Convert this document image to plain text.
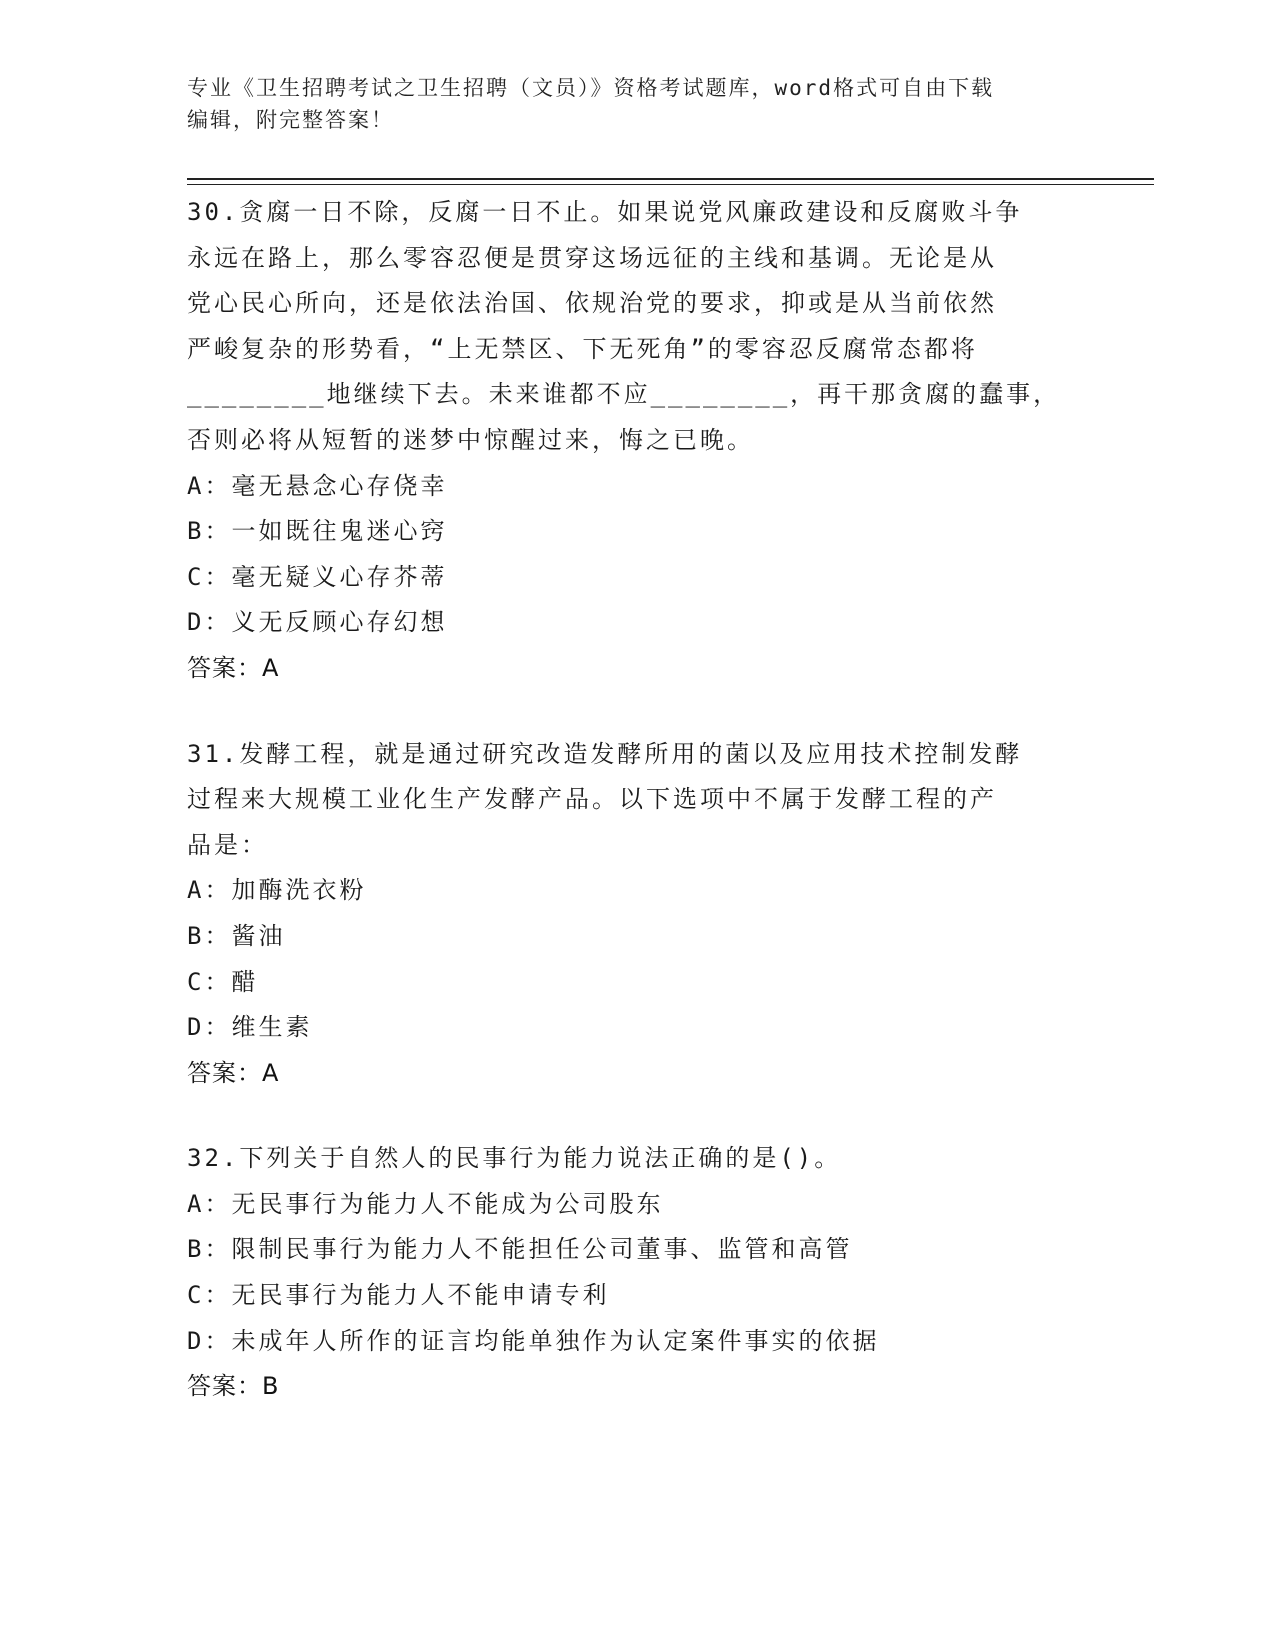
专业《卫生招聘考试之卫生招聘（文员）》资格考试题库，word格式可自由下载
编辑，附完整答案！
30.贪腐一日不除，反腐一日不止。如果说党风廉政建设和反腐败斗争
永远在路上，那么零容忍便是贯穿这场远征的主线和基调。无论是从
党心民心所向，还是依法治国、依规治党的要求，抑或是从当前依然
严峻复杂的形势看，“上无禁区、下无死角”的零容忍反腐常态都将
________地继续下去。未来谁都不应________，再干那贪腐的蠢事，
否则必将从短暂的迷梦中惊醒过来，悔之已晚。
A：毫无悬念心存侥幸
B：一如既往鬼迷心窍
C：毫无疑义心存芥蒂
D：义无反顾心存幻想
答案：A
31.发酵工程，就是通过研究改造发酵所用的菌以及应用技术控制发酵
过程来大规模工业化生产发酵产品。以下选项中不属于发酵工程的产
品是：
A：加酶洗衣粉
B：酱油
C：醋
D：维生素
答案：A
32.下列关于自然人的民事行为能力说法正确的是()。
A：无民事行为能力人不能成为公司股东
B：限制民事行为能力人不能担任公司董事、监管和高管
C：无民事行为能力人不能申请专利
D：未成年人所作的证言均能单独作为认定案件事实的依据
答案：B
